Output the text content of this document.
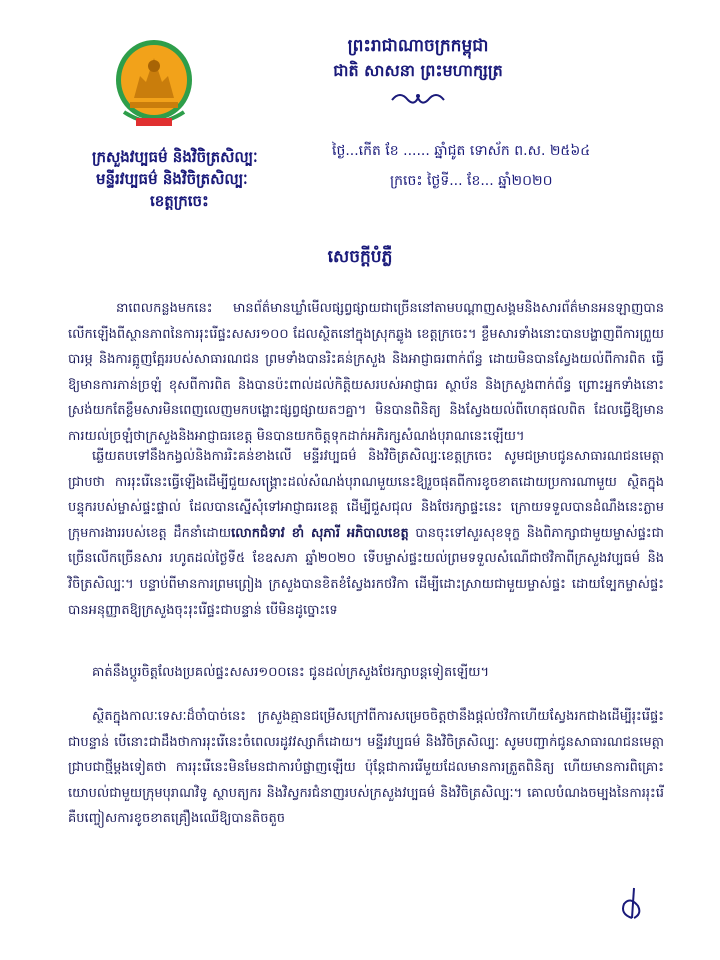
ព្រះរាជាណាចក្រកម្ពុជា
ជាតិ សាសនា ព្រះមហាក្សត្រ
ក្រសួងវប្បធម៌ និងវិចិត្រសិល្បៈ
មន្ទីរវប្បធម៌ និងវិចិត្រសិល្បៈ
ខេត្តក្រចេះ
ថ្ងៃ...កើត ខែ ...... ឆ្នាំជូត ទោស័ក ព.ស. ២៥៦៤
ក្រចេះ ថ្ងៃទី... ខែ... ឆ្នាំ២០២០
សេចក្តីបំភ្លឺ

នាពេលកន្លងមកនេះ មានព័ត៌មានឃ្លាំមើលផ្សព្វផ្សាយជាច្រើននៅតាមបណ្តាញសង្គមនិងសារព័ត៌មានអនឡាញបានលើកឡើងពីស្ថានភាពនៃការរុះរើផ្ទះសសរ១០០ ដែលស្ថិតនៅក្នុងស្រុកឆ្លូង ខេត្តក្រចេះ។ ខ្លឹមសារទាំងនោះបានបង្ហាញពីការព្រួយបារម្ភ និងការត្អូញត្អែររបស់សាធារណជន ព្រមទាំងបានរិះគន់ក្រសួង និងអាជ្ញាធរពាក់ព័ន្ធ ដោយមិនបានស្វែងយល់ពីការពិត ធ្វើឱ្យមានការភាន់ច្រឡំ ខុសពីការពិត និងបានប៉ះពាល់ដល់កិត្តិយសរបស់អាជ្ញាធរ ស្ថាប័ន និងក្រសួងពាក់ព័ន្ធ ព្រោះអ្នកទាំងនោះស្រង់យកតែខ្លឹមសារមិនពេញលេញមកបង្ហោះផ្សព្វផ្សាយតៗគ្នា។ មិនបានពិនិត្យ និងស្វែងយល់ពីហេតុផលពិត ដែលធ្វើឱ្យមានការយល់ច្រឡំថាក្រសួងនិងអាជ្ញាធរខេត្ត មិនបានយកចិត្តទុកដាក់អភិរក្សសំណង់បុរាណនេះឡើយ។

ឆ្លើយតបទៅនឹងកង្វល់និងការរិះគន់ខាងលើ មន្ទីរវប្បធម៌ និងវិចិត្រសិល្បៈខេត្តក្រចេះ សូមជម្រាបជូនសាធារណជនមេត្តាជ្រាបថា ការរុះរើនេះធ្វើឡើងដើម្បីជួយសង្គ្រោះដល់សំណង់បុរាណមួយនេះឱ្យរួចផុតពីការខូចខាតដោយប្រការណាមួយ ស្ថិតក្នុងបន្ទុករបស់ម្ចាស់ផ្ទះផ្ទាល់ ដែលបានស្នើសុំទៅអាជ្ញាធរខេត្ត ដើម្បីជួសជុល និងថែរក្សាផ្ទះនេះ ក្រោយទទួលបានដំណឹងនេះភ្លាម ក្រុមការងាររបស់ខេត្ត ដឹកនាំដោយលោកជំទាវ ខាំ សុភារី អភិបាលខេត្ត បានចុះទៅសួរសុខទុក្ខ និងពិភាក្សាជាមួយម្ចាស់ផ្ទះជាច្រើនលើកច្រើនសារ រហូតដល់ថ្ងៃទី៥ ខែឧសភា ឆ្នាំ២០២០ ទើបម្ចាស់ផ្ទះយល់ព្រមទទួលសំណើជាថវិកាពីក្រសួងវប្បធម៌ និងវិចិត្រសិល្បៈ។ បន្ទាប់ពីមានការព្រមព្រៀង ក្រសួងបានខិតខំស្វែងរកថវិកា ដើម្បីដោះស្រាយជាមួយម្ចាស់ផ្ទះ ដោយទ្បែកម្ចាស់ផ្ទះបានអនុញ្ញាតឱ្យក្រសួងចុះរុះរើផ្ទះជាបន្ទាន់ បើមិនដូច្នោះទេ

គាត់នឹងប្តូរចិត្តលែងប្រគល់ផ្ទះសសរ១០០នេះ ជូនដល់ក្រសួងថែរក្សាបន្តទៀតឡើយ។

ស្ថិតក្នុងកាលៈទេសៈដ៏ចាំបាច់នេះ ក្រសួងគ្មានជម្រើសក្រៅពីការសម្រេចចិត្តថានឹងផ្តល់ថវិកាហើយស្វែងរកជាងដើម្បីរុះរើផ្ទះជាបន្ទាន់ បើនោះជាដឹងថាការរុះរើនេះចំពេលរដូវវស្សាក៏ដោយ។ មន្ទីរវប្បធម៌ និងវិចិត្រសិល្បៈ សូមបញ្ជាក់ជូនសាធារណជនមេត្តាជ្រាបជាថ្មីម្តងទៀតថា ការរុះរើនេះមិនមែនជាការបំផ្លាញឡើយ ប៉ុន្តែជាការរើមួយដែលមានការត្រួតពិនិត្យ ហើយមានការពិគ្រោះយោបល់ជាមួយក្រុមបុរាណវិទូ ស្ថាបត្យករ និងវិស្វករជំនាញរបស់ក្រសួងវប្បធម៌ និងវិចិត្រសិល្បៈ។ គោលបំណងចម្បងនៃការរុះរើ គឺបញ្ចៀសការខូចខាតគ្រឿងឈើឱ្យបានតិចតួច
